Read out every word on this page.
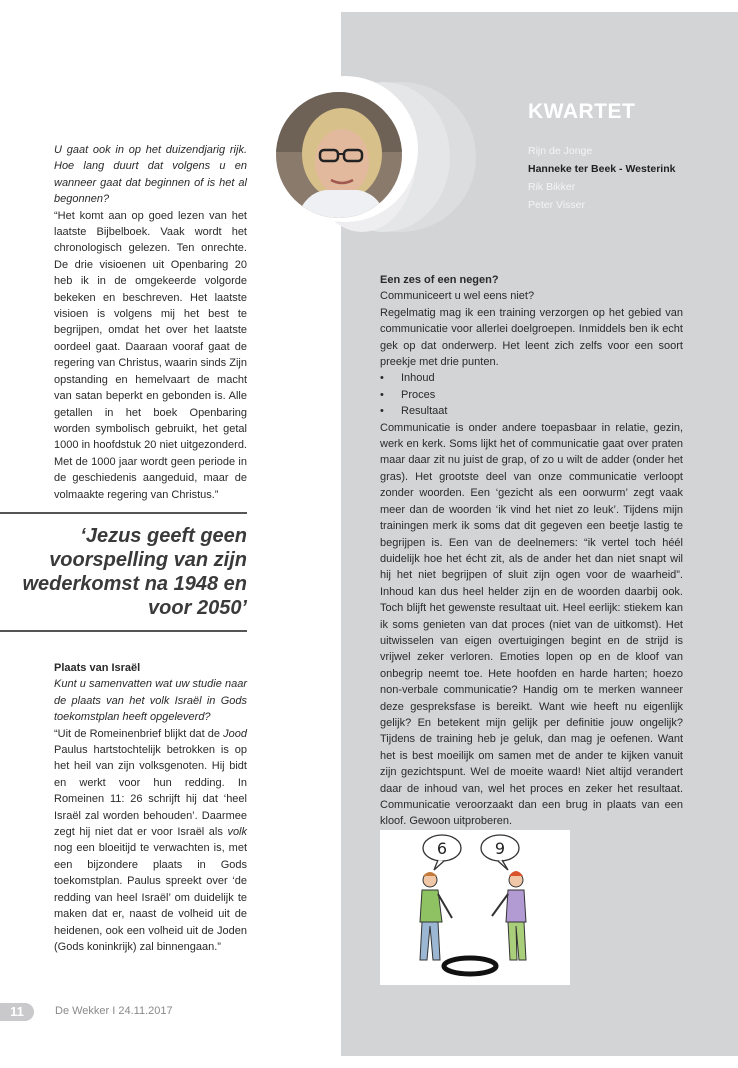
KWARTET
Rijn de Jonge
Hanneke ter Beek - Westerink
Rik Bikker
Peter Visser

U gaat ook in op het duizendjarig rijk. Hoe lang duurt dat volgens u en wanneer gaat dat beginnen of is het al begonnen?

“Het komt aan op goed lezen van het laatste Bijbelboek. Vaak wordt het chronologisch gelezen. Ten onrechte. De drie visioenen uit Openbaring 20 heb ik in de omgekeerde volgorde bekeken en beschreven. Het laatste visioen is volgens mij het best te begrijpen, omdat het over het laatste oordeel gaat. Daaraan vooraf gaat de regering van Christus, waarin sinds Zijn opstanding en hemelvaart de macht van satan beperkt en gebonden is. Alle getallen in het boek Openbaring worden symbolisch gebruikt, het getal 1000 in hoofdstuk 20 niet uitgezonderd. Met de 1000 jaar wordt geen periode in de geschiedenis aangeduid, maar de volmaakte regering van Christus.”

‘Jezus geeft geen voorspelling van zijn wederkomst na 1948 en voor 2050’

Plaats van Israël

Kunt u samenvatten wat uw studie naar de plaats van het volk Israël in Gods toekomstplan heeft opgeleverd?

“Uit de Romeinenbrief blijkt dat de Jood Paulus hartstochtelijk betrokken is op het heil van zijn volksgenoten. Hij bidt en werkt voor hun redding. In Romeinen 11: 26 schrijft hij dat ‘heel Israël zal worden behouden’. Daarmee zegt hij niet dat er voor Israël als volk nog een bloeitijd te verwachten is, met een bijzondere plaats in Gods toekomstplan. Paulus spreekt over ‘de redding van heel Israël’ om duidelijk te maken dat er, naast de volheid uit de heidenen, ook een volheid uit de Joden (Gods koninkrijk) zal binnengaan.”

Een zes of een negen?

Communiceert u wel eens niet?

Regelmatig mag ik een training verzorgen op het gebied van communicatie voor allerlei doelgroepen. Inmiddels ben ik echt gek op dat onderwerp. Het leent zich zelfs voor een soort preekje met drie punten.

• Inhoud
• Proces
• Resultaat

Communicatie is onder andere toepasbaar in relatie, gezin, werk en kerk. Soms lijkt het of communicatie gaat over praten maar daar zit nu juist de grap, of zo u wilt de adder (onder het gras). Het grootste deel van onze communicatie verloopt zonder woorden. Een ‘gezicht als een oorwurm’ zegt vaak meer dan de woorden ‘ik vind het niet zo leuk’. Tijdens mijn trainingen merk ik soms dat dit gegeven een beetje lastig te begrijpen is. Een van de deelnemers: “ik vertel toch héél duidelijk hoe het écht zit, als de ander het dan niet snapt wil hij het niet begrijpen of sluit zijn ogen voor de waarheid”. Inhoud kan dus heel helder zijn en de woorden daarbij ook. Toch blijft het gewenste resultaat uit. Heel eerlijk: stiekem kan ik soms genieten van dat proces (niet van de uitkomst). Het uitwisselen van eigen overtuigingen begint en de strijd is vrijwel zeker verloren. Emoties lopen op en de kloof van onbegrip neemt toe. Hete hoofden en harde harten; hoezo non-verbale communicatie? Handig om te merken wanneer deze gespreksfase is bereikt. Want wie heeft nu eigenlijk gelijk? En betekent mijn gelijk per definitie jouw ongelijk? Tijdens de training heb je geluk, dan mag je oefenen. Want het is best moeilijk om samen met de ander te kijken vanuit zijn gezichtspunt. Wel de moeite waard! Niet altijd verandert daar de inhoud van, wel het proces en zeker het resultaat. Communicatie veroorzaakt dan een brug in plaats van een kloof. Gewoon uitproberen.

6	9
6
11	De Wekker I 24.11.2017
